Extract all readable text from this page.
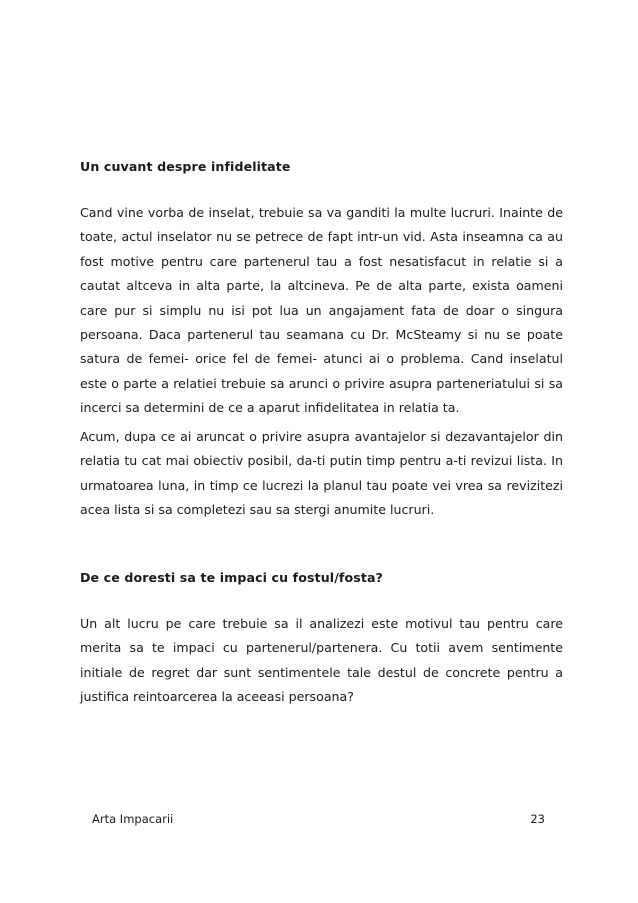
Un cuvant despre infidelitate

Cand vine vorba de inselat, trebuie sa va ganditi la multe lucruri. Inainte de toate, actul inselator nu se petrece de fapt intr-un vid. Asta inseamna ca au fost motive pentru care partenerul tau a fost nesatisfacut in relatie si a cautat altceva in alta parte, la altcineva. Pe de alta parte, exista oameni care pur si simplu nu isi pot lua un angajament fata de doar o singura persoana. Daca partenerul tau seamana cu Dr. McSteamy si nu se poate satura de femei- orice fel de femei- atunci ai o problema. Cand inselatul este o parte a relatiei trebuie sa arunci o privire asupra parteneriatului si sa incerci sa determini de ce a aparut infidelitatea in relatia ta.

Acum, dupa ce ai aruncat o privire asupra avantajelor si dezavantajelor din relatia tu cat mai obiectiv posibil, da-ti putin timp pentru a-ti revizui lista. In urmatoarea luna, in timp ce lucrezi la planul tau poate vei vrea sa revizitezi acea lista si sa completezi sau sa stergi anumite lucruri.

De ce doresti sa te impaci cu fostul/fosta?

Un alt lucru pe care trebuie sa il analizezi este motivul tau pentru care merita sa te impaci cu partenerul/partenera. Cu totii avem sentimente initiale de regret dar sunt sentimentele tale destul de concrete pentru a justifica reintoarcerea la aceeasi persoana?

Arta Impacarii	23
